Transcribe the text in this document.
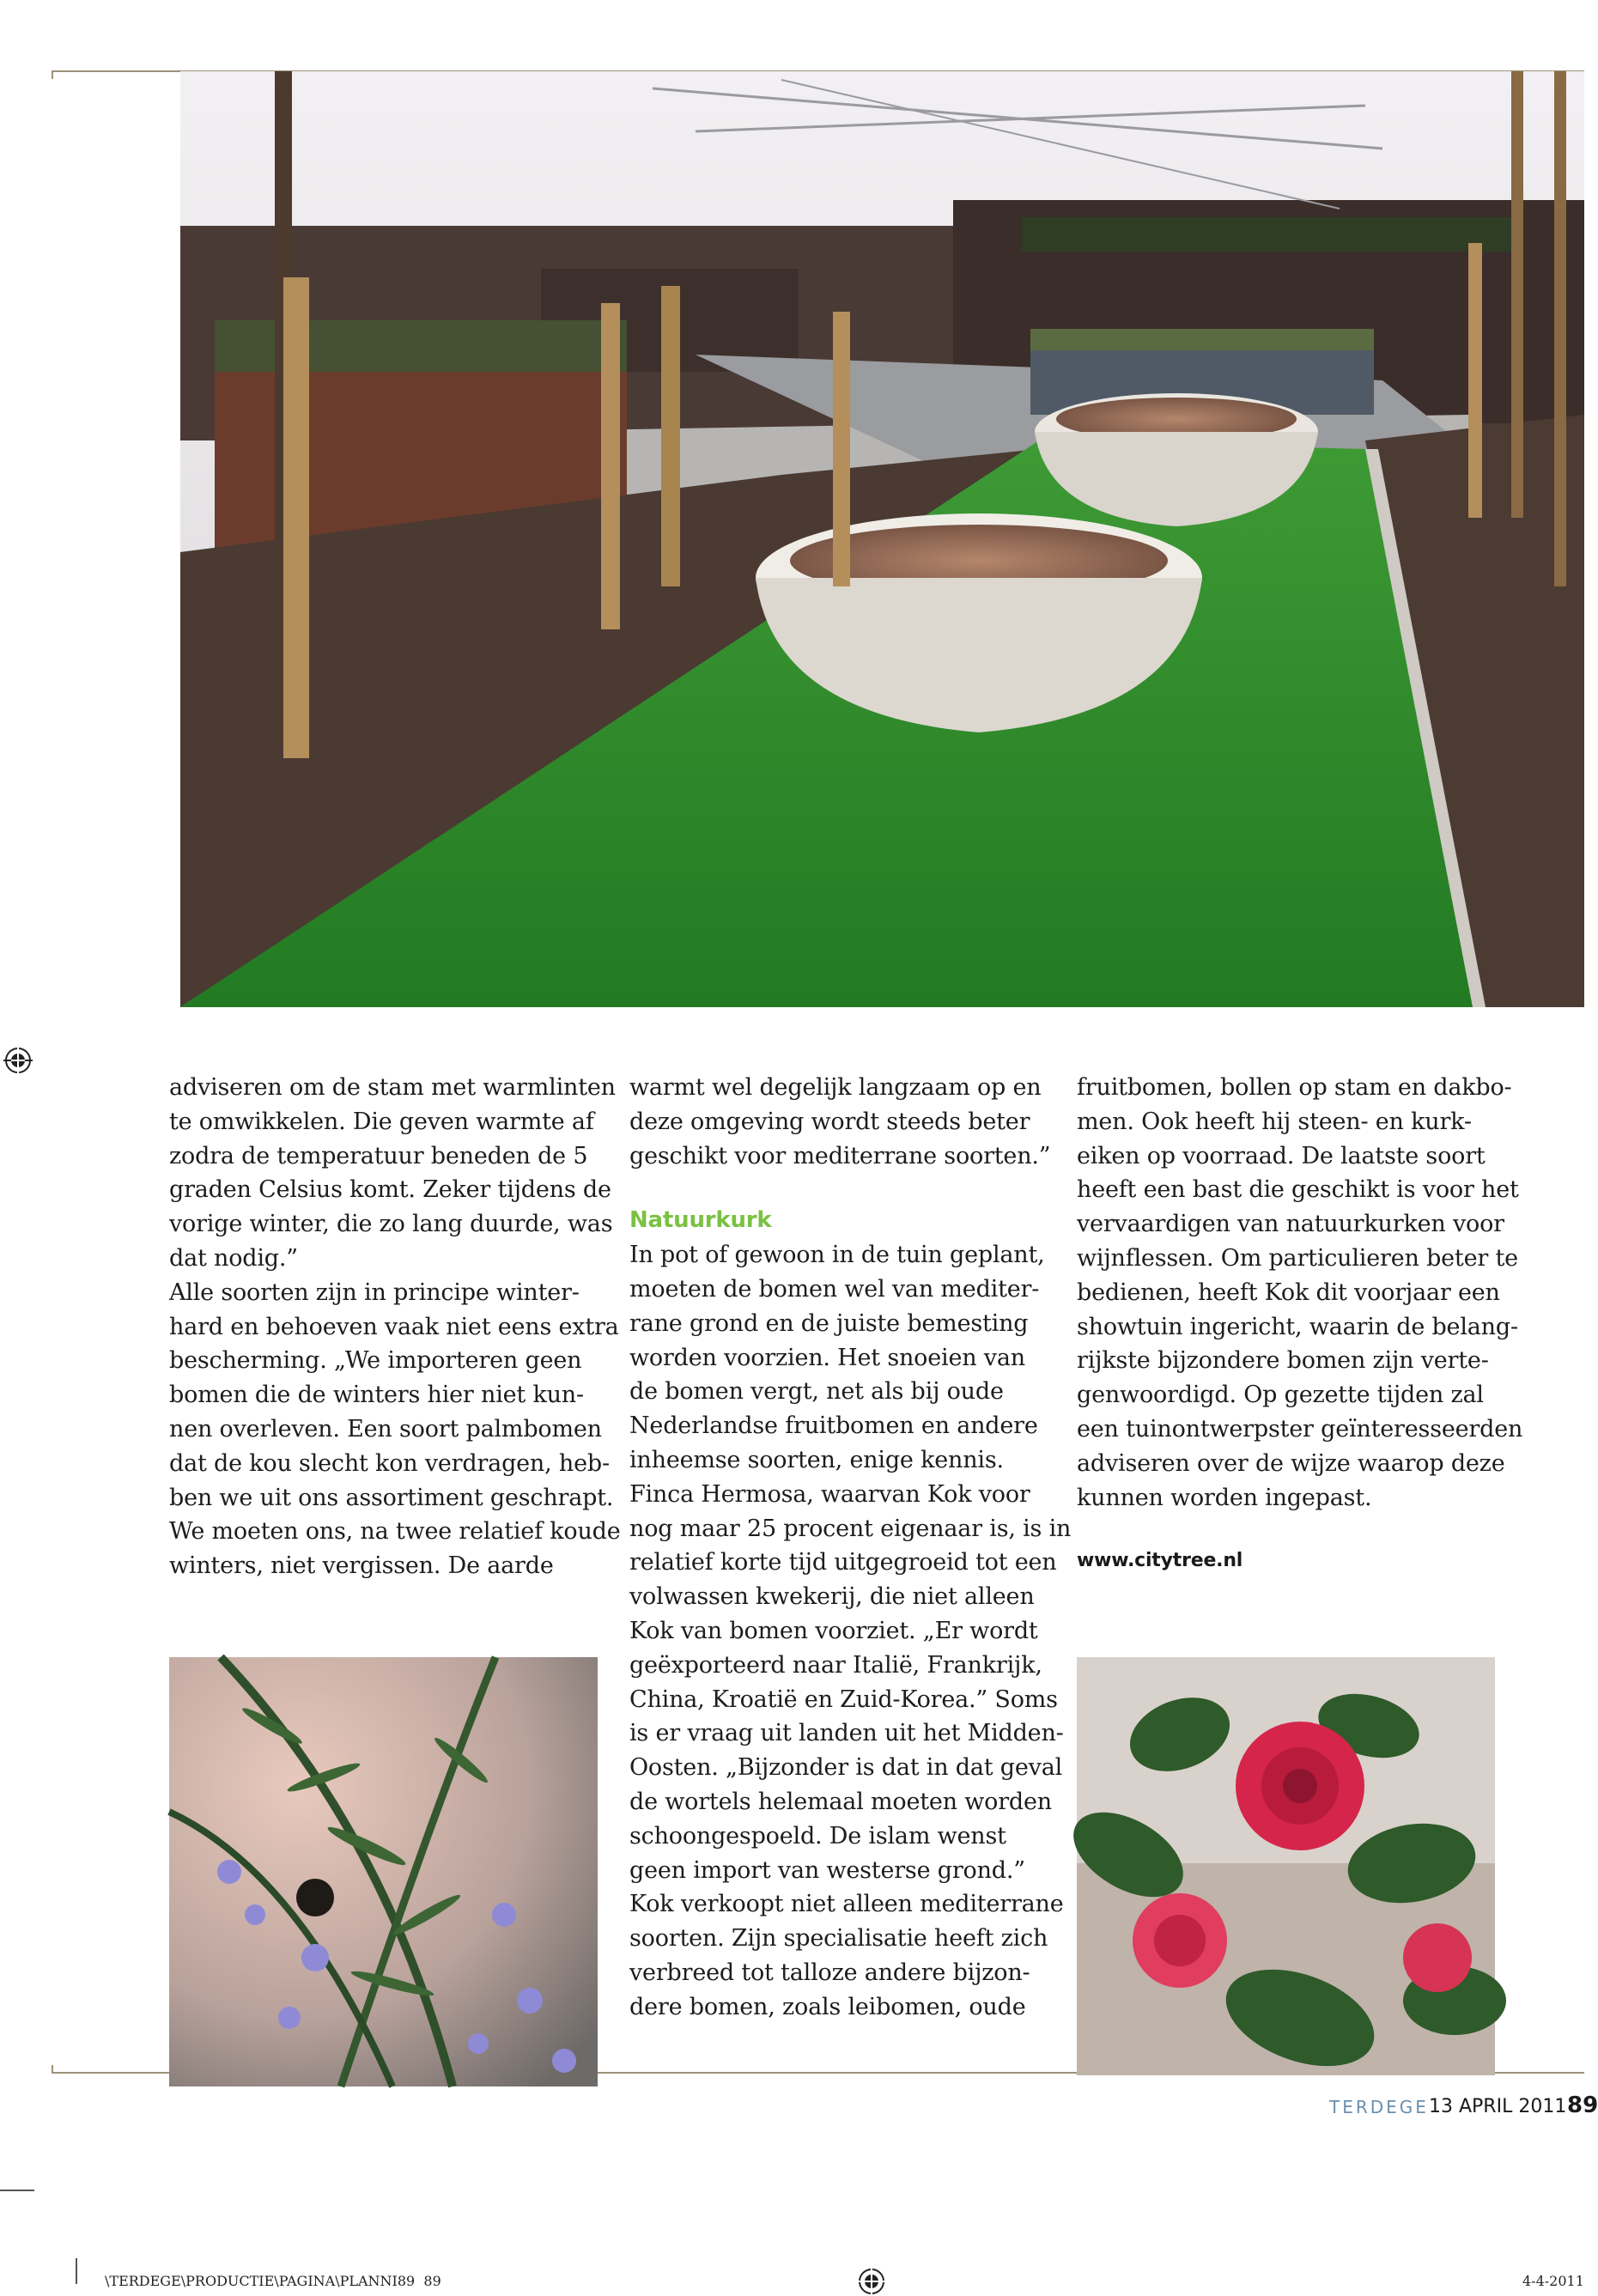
adviseren om de stam met warmlinten
te omwikkelen. Die geven warmte af
zodra de temperatuur beneden de 5
graden Celsius komt. Zeker tijdens de
vorige winter, die zo lang duurde, was
dat nodig.”
Alle soorten zijn in principe winter-
hard en behoeven vaak niet eens extra
bescherming. „We importeren geen
bomen die de winters hier niet kun-
nen overleven. Een soort palmbomen
dat de kou slecht kon verdragen, heb-
ben we uit ons assortiment geschrapt.
We moeten ons, na twee relatief koude
winters, niet vergissen. De aarde
warmt wel degelijk langzaam op en
deze omgeving wordt steeds beter
geschikt voor mediterrane soorten.”
Natuurkurk
In pot of gewoon in de tuin geplant,
moeten de bomen wel van mediter-
rane grond en de juiste bemesting
worden voorzien. Het snoeien van
de bomen vergt, net als bij oude
Nederlandse fruitbomen en andere
inheemse soorten, enige kennis.
Finca Hermosa, waarvan Kok voor
nog maar 25 procent eigenaar is, is in
relatief korte tijd uitgegroeid tot een
volwassen kwekerij, die niet alleen
Kok van bomen voorziet. „Er wordt
geëxporteerd naar Italië, Frankrijk,
China, Kroatië en Zuid-Korea.” Soms
is er vraag uit landen uit het Midden-
Oosten. „Bijzonder is dat in dat geval
de wortels helemaal moeten worden
schoongespoeld. De islam wenst
geen import van westerse grond.”
Kok verkoopt niet alleen mediterrane
soorten. Zijn specialisatie heeft zich
verbreed tot talloze andere bijzon-
dere bomen, zoals leibomen, oude
fruitbomen, bollen op stam en dakbo-
men. Ook heeft hij steen- en kurk-
eiken op voorraad. De laatste soort
heeft een bast die geschikt is voor het
vervaardigen van natuurkurken voor
wijnflessen. Om particulieren beter te
bedienen, heeft Kok dit voorjaar een
showtuin ingericht, waarin de belang-
rijkste bijzondere bomen zijn verte-
genwoordigd. Op gezette tijden zal
een tuinontwerpster geïnteresseerden
adviseren over de wijze waarop deze
kunnen worden ingepast.
www.citytree.nl
TERDEGE 13 APRIL 2011 89
\TERDEGE\PRODUCTIE\PAGINA\PLANNI89 89	4-4-2011
